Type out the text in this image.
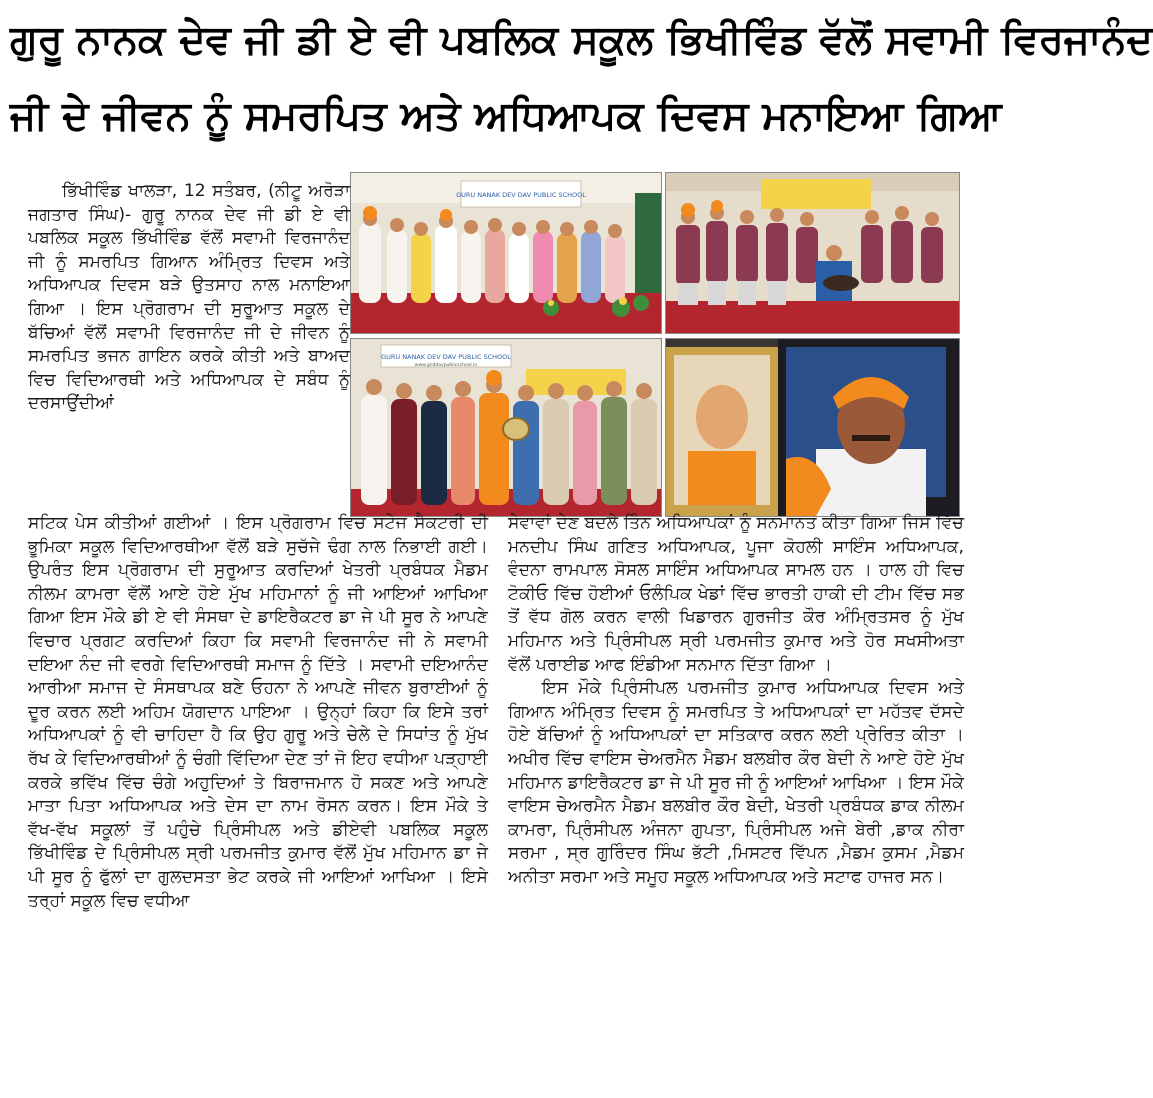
ਗੁਰੂ ਨਾਨਕ ਦੇਵ ਜੀ ਡੀ ਏ ਵੀ ਪਬਲਿਕ ਸਕੂਲ ਭਿਖੀਵਿੰਡ ਵੱਲੋਂ ਸਵਾਮੀ ਵਿਰਜਾਨੰਦ
ਜੀ ਦੇ ਜੀਵਨ ਨੂੰ ਸਮਰਪਿਤ ਅਤੇ ਅਧਿਆਪਕ ਦਿਵਸ ਮਨਾਇਆ ਗਿਆ
GURU NANAK DEV DAV PUBLIC SCHOOL
GURU NANAK DEV DAV PUBLIC SCHOOL
www.gnddavpublicschool.in

ਭਿੱਖੀਵਿੰਡ ਖਾਲੜਾ, 12 ਸਤੰਬਰ, (ਨੀਟੂ ਅਰੋੜਾ ਜਗਤਾਰ ਸਿੰਘ)- ਗੁਰੂ ਨਾਨਕ ਦੇਵ ਜੀ ਡੀ ਏ ਵੀ ਪਬਲਿਕ ਸਕੂਲ ਭਿੱਖੀਵਿੰਡ ਵੱਲੋਂ ਸਵਾਮੀ ਵਿਰਜਾਨੰਦ ਜੀ ਨੂੰ ਸਮਰਪਿਤ ਗਿਆਨ ਅੰਮ੍ਰਿਤ ਦਿਵਸ ਅਤੇ ਅਧਿਆਪਕ ਦਿਵਸ ਬੜੇ ਉਤਸਾਹ ਨਾਲ ਮਨਾਇਆ ਗਿਆ । ਇਸ ਪ੍ਰੋਗਰਾਮ ਦੀ ਸੁਰੂਆਤ ਸਕੂਲ ਦੇ ਬੱਚਿਆਂ ਵੱਲੋਂ ਸਵਾਮੀ ਵਿਰਜਾਨੰਦ ਜੀ ਦੇ ਜੀਵਨ ਨੂੰ ਸਮਰਪਿਤ ਭਜਨ ਗਾਇਨ ਕਰਕੇ ਕੀਤੀ ਅਤੇ ਬਾਅਦ ਵਿਚ ਵਿਦਿਆਰਥੀ ਅਤੇ ਅਧਿਆਪਕ ਦੇ ਸਬੰਧ ਨੂੰ ਦਰਸਾਉਂਦੀਆਂ

ਸਟਿਕ ਪੇਸ ਕੀਤੀਆਂ ਗਈਆਂ । ਇਸ ਪ੍ਰੋਗਰਾਮ ਵਿਚ ਸਟੇਜ ਸੈਕਟਰੀ ਦੀ ਭੂਮਿਕਾ ਸਕੂਲ ਵਿਦਿਆਰਥੀਆ ਵੱਲੋਂ ਬੜੇ ਸੁਚੱਜੇ ਢੰਗ ਨਾਲ ਨਿਭਾਈ ਗਈ। ਉਪਰੰਤ ਇਸ ਪ੍ਰੋਗਰਾਮ ਦੀ ਸੁਰੂਆਤ ਕਰਦਿਆਂ ਖੇਤਰੀ ਪ੍ਰਬੰਧਕ ਮੈਡਮ ਨੀਲਮ ਕਾਮਰਾ ਵੱਲੋਂ ਆਏ ਹੋਏ ਮੁੱਖ ਮਹਿਮਾਨਾਂ ਨੂੰ ਜੀ ਆਇਆਂ ਆਖਿਆ ਗਿਆ ਇਸ ਮੌਕੇ ਡੀ ਏ ਵੀ ਸੰਸਥਾ ਦੇ ਡਾਇਰੈਕਟਰ ਡਾ ਜੇ ਪੀ ਸੂਰ ਨੇ ਆਪਣੇ ਵਿਚਾਰ ਪ੍ਰਗਟ ਕਰਦਿਆਂ ਕਿਹਾ ਕਿ ਸਵਾਮੀ ਵਿਰਜਾਨੰਦ ਜੀ ਨੇ ਸਵਾਮੀ ਦਇਆ ਨੰਦ ਜੀ ਵਰਗੇ ਵਿਦਿਆਰਥੀ ਸਮਾਜ ਨੂੰ ਦਿੱਤੇ । ਸਵਾਮੀ ਦਇਆਨੰਦ ਆਰੀਆ ਸਮਾਜ ਦੇ ਸੰਸਥਾਪਕ ਬਣੇ ਓਹਨਾ ਨੇ ਆਪਣੇ ਜੀਵਨ ਬੁਰਾਈਆਂ ਨੂੰ ਦੂਰ ਕਰਨ ਲਈ ਅਹਿਮ ਯੋਗਦਾਨ ਪਾਇਆ । ਉਨ੍ਹਾਂ ਕਿਹਾ ਕਿ ਇਸੇ ਤਰਾਂ ਅਧਿਆਪਕਾਂ ਨੂੰ ਵੀ ਚਾਹਿਦਾ ਹੈ ਕਿ ਉਹ ਗੁਰੂ ਅਤੇ ਚੇਲੇ ਦੇ ਸਿਧਾਂਤ ਨੂੰ ਮੁੱਖ ਰੱਖ ਕੇ ਵਿਦਿਆਰਥੀਆਂ ਨੂੰ ਚੰਗੀ ਵਿੱਦਿਆ ਦੇਣ ਤਾਂ ਜੋ ਇਹ ਵਧੀਆ ਪੜ੍ਹਾਈ ਕਰਕੇ ਭਵਿੱਖ ਵਿੱਚ ਚੰਗੇ ਅਹੁਦਿਆਂ ਤੇ ਬਿਰਾਜਮਾਨ ਹੋ ਸਕਣ ਅਤੇ ਆਪਣੇ ਮਾਤਾ ਪਿਤਾ ਅਧਿਆਪਕ ਅਤੇ ਦੇਸ ਦਾ ਨਾਮ ਰੋਸਨ ਕਰਨ। ਇਸ ਮੌਕੇ ਤੇ ਵੱਖ-ਵੱਖ ਸਕੂਲਾਂ ਤੋਂ ਪਹੁੰਚੇ ਪ੍ਰਿੰਸੀਪਲ ਅਤੇ ਡੀਏਵੀ ਪਬਲਿਕ ਸਕੂਲ ਭਿੱਖੀਵਿੰਡ ਦੇ ਪ੍ਰਿੰਸੀਪਲ ਸ੍ਰੀ ਪਰਮਜੀਤ ਕੁਮਾਰ ਵੱਲੋਂ ਮੁੱਖ ਮਹਿਮਾਨ ਡਾ ਜੇ ਪੀ ਸੂਰ ਨੂੰ ਫੁੱਲਾਂ ਦਾ ਗੁਲਦਸਤਾ ਭੇਟ ਕਰਕੇ ਜੀ ਆਇਆਂ ਆਖਿਆ । ਇਸੇ ਤਰ੍ਹਾਂ ਸਕੂਲ ਵਿਚ ਵਧੀਆ

ਸੇਵਾਵਾਂ ਦੇਣ ਬਦਲੇ ਤਿੰਨ ਅਧਿਆਪਕਾਂ ਨੂੰ ਸਨਮਾਨਤ ਕੀਤਾ ਗਿਆ ਜਿਸ ਵਿੱਚ ਮਨਦੀਪ ਸਿੰਘ ਗਣਿਤ ਅਧਿਆਪਕ, ਪੂਜਾ ਕੋਹਲੀ ਸਾਇੰਸ ਅਧਿਆਪਕ, ਵੰਦਨਾ ਰਾਮਪਾਲ ਸੋਸਲ ਸਾਇੰਸ ਅਧਿਆਪਕ ਸਾਮਲ ਹਨ । ਹਾਲ ਹੀ ਵਿਚ ਟੋਕੀਓ ਵਿੱਚ ਹੋਈਆਂ ਓਲੰਪਿਕ ਖੇਡਾਂ ਵਿੱਚ ਭਾਰਤੀ ਹਾਕੀ ਦੀ ਟੀਮ ਵਿੱਚ ਸਭ ਤੋਂ ਵੱਧ ਗੋਲ ਕਰਨ ਵਾਲੀ ਖਿਡਾਰਨ ਗੁਰਜੀਤ ਕੌਰ ਅੰਮ੍ਰਿਤਸਰ ਨੂੰ ਮੁੱਖ ਮਹਿਮਾਨ ਅਤੇ ਪ੍ਰਿੰਸੀਪਲ ਸ੍ਰੀ ਪਰਮਜੀਤ ਕੁਮਾਰ ਅਤੇ ਹੋਰ ਸਖਸੀਅਤਾ ਵੱਲੋਂ ਪਰਾਈਡ ਆਫ ਇੰਡੀਆ ਸਨਮਾਨ ਦਿੱਤਾ ਗਿਆ ।

ਇਸ ਮੌਕੇ ਪ੍ਰਿੰਸੀਪਲ ਪਰਮਜੀਤ ਕੁਮਾਰ ਅਧਿਆਪਕ ਦਿਵਸ ਅਤੇ ਗਿਆਨ ਅੰਮ੍ਰਿਤ ਦਿਵਸ ਨੂੰ ਸਮਰਪਿਤ ਤੇ ਅਧਿਆਪਕਾਂ ਦਾ ਮਹੱਤਵ ਦੱਸਦੇ ਹੋਏ ਬੱਚਿਆਂ ਨੂੰ ਅਧਿਆਪਕਾਂ ਦਾ ਸਤਿਕਾਰ ਕਰਨ ਲਈ ਪ੍ਰੇਰਿਤ ਕੀਤਾ । ਅਖੀਰ ਵਿੱਚ ਵਾਇਸ ਚੇਅਰਮੈਨ ਮੈਡਮ ਬਲਬੀਰ ਕੌਰ ਬੇਦੀ ਨੇ ਆਏ ਹੋਏ ਮੁੱਖ ਮਹਿਮਾਨ ਡਾਇਰੈਕਟਰ ਡਾ ਜੇ ਪੀ ਸੂਰ ਜੀ ਨੂੰ ਆਇਆਂ ਆਖਿਆ । ਇਸ ਮੌਕੇ ਵਾਇਸ ਚੇਅਰਮੈਨ ਮੈਡਮ ਬਲਬੀਰ ਕੌਰ ਬੇਦੀ, ਖੇਤਰੀ ਪ੍ਰਬੰਧਕ ਡਾਕ ਨੀਲਮ ਕਾਮਰਾ, ਪ੍ਰਿੰਸੀਪਲ ਅੰਜਨਾ ਗੁਪਤਾ, ਪ੍ਰਿੰਸੀਪਲ ਅਜੇ ਬੇਰੀ ,ਡਾਕ ਨੀਰਾ ਸਰਮਾ , ਸ੍ਰ ਗੁਰਿੰਦਰ ਸਿੰਘ ਭੱਟੀ ,ਮਿਸਟਰ ਵਿੱਪਨ ,ਮੈਡਮ ਕੁਸਮ ,ਮੈਡਮ ਅਨੀਤਾ ਸਰਮਾ ਅਤੇ ਸਮੂਹ ਸਕੂਲ ਅਧਿਆਪਕ ਅਤੇ ਸਟਾਫ ਹਾਜਰ ਸਨ।
